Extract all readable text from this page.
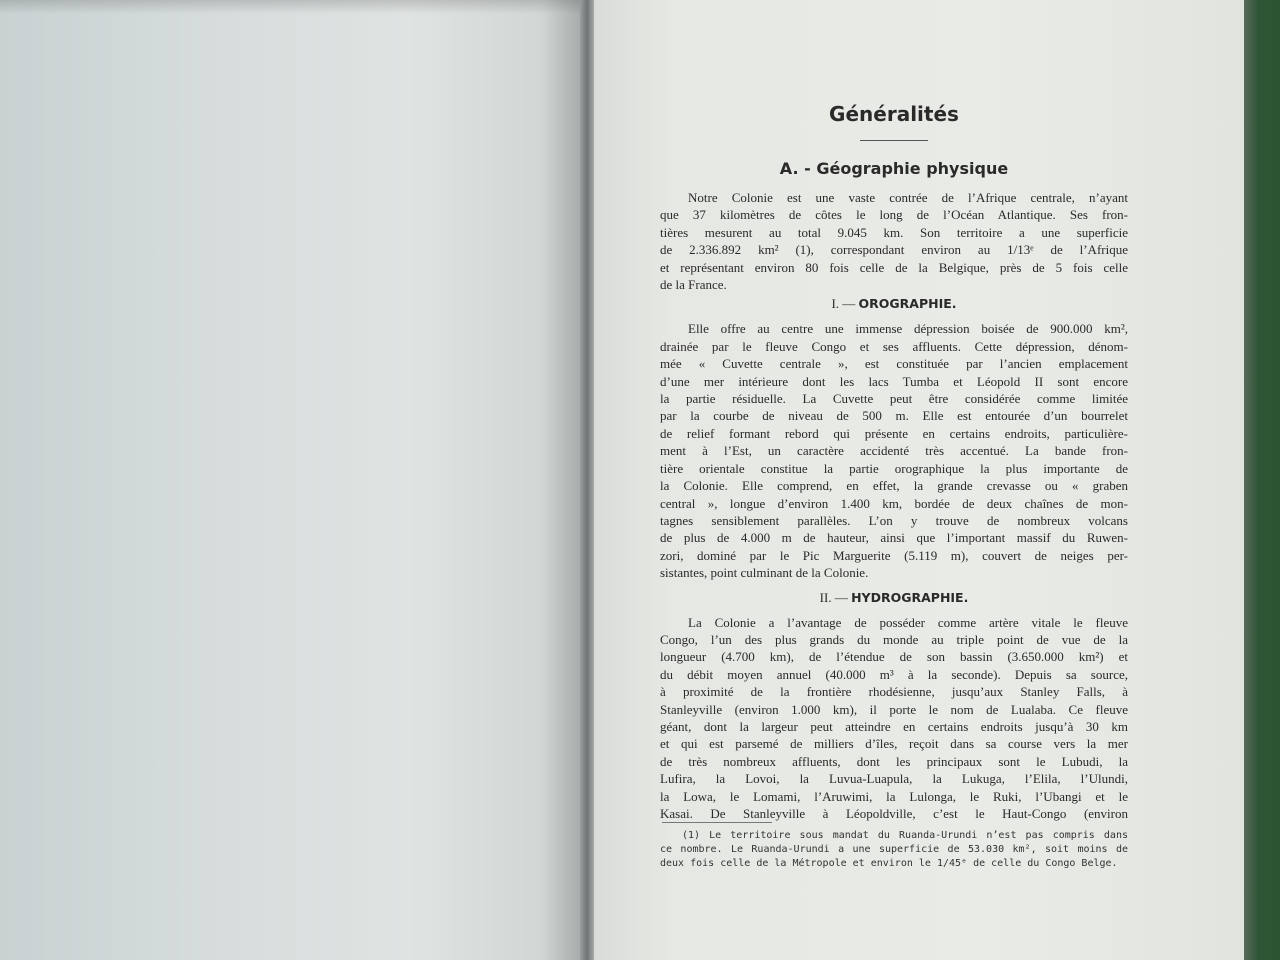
Généralités
A. - Géographie physique

Notre Colonie est une vaste contrée de l’Afrique centrale, n’ayant
que 37 kilomètres de côtes le long de l’Océan Atlantique. Ses fron-
tières mesurent au total 9.045 km. Son territoire a une superficie
de 2.336.892 km² (1), correspondant environ au 1/13ᵉ de l’Afrique
et représentant environ 80 fois celle de la Belgique, près de 5 fois celle
de la France.

I. — OROGRAPHIE.

Elle offre au centre une immense dépression boisée de 900.000 km²,
drainée par le fleuve Congo et ses affluents. Cette dépression, dénom-
mée « Cuvette centrale », est constituée par l’ancien emplacement
d’une mer intérieure dont les lacs Tumba et Léopold II sont encore
la partie résiduelle. La Cuvette peut être considérée comme limitée
par la courbe de niveau de 500 m. Elle est entourée d’un bourrelet
de relief formant rebord qui présente en certains endroits, particulière-
ment à l’Est, un caractère accidenté très accentué. La bande fron-
tière orientale constitue la partie orographique la plus importante de
la Colonie. Elle comprend, en effet, la grande crevasse ou « graben
central », longue d’environ 1.400 km, bordée de deux chaînes de mon-
tagnes sensiblement parallèles. L’on y trouve de nombreux volcans
de plus de 4.000 m de hauteur, ainsi que l’important massif du Ruwen-
zori, dominé par le Pic Marguerite (5.119 m), couvert de neiges per-
sistantes, point culminant de la Colonie.

II. — HYDROGRAPHIE.

La Colonie a l’avantage de posséder comme artère vitale le fleuve
Congo, l’un des plus grands du monde au triple point de vue de la
longueur (4.700 km), de l’étendue de son bassin (3.650.000 km²) et
du débit moyen annuel (40.000 m³ à la seconde). Depuis sa source,
à proximité de la frontière rhodésienne, jusqu’aux Stanley Falls, à
Stanleyville (environ 1.000 km), il porte le nom de Lualaba. Ce fleuve
géant, dont la largeur peut atteindre en certains endroits jusqu’à 30 km
et qui est parsemé de milliers d’îles, reçoit dans sa course vers la mer
de très nombreux affluents, dont les principaux sont le Lubudi, la
Lufira, la Lovoi, la Luvua-Luapula, la Lukuga, l’Elila, l’Ulundi,
la Lowa, le Lomami, l’Aruwimi, la Lulonga, le Ruki, l’Ubangi et le
Kasai. De Stanleyville à Léopoldville, c’est le Haut-Congo (environ

(1) Le territoire sous mandat du Ruanda-Urundi n’est pas compris dans
ce nombre. Le Ruanda-Urundi a une superficie de 53.030 km², soit moins de
deux fois celle de la Métropole et environ le 1/45ᵉ de celle du Congo Belge.
